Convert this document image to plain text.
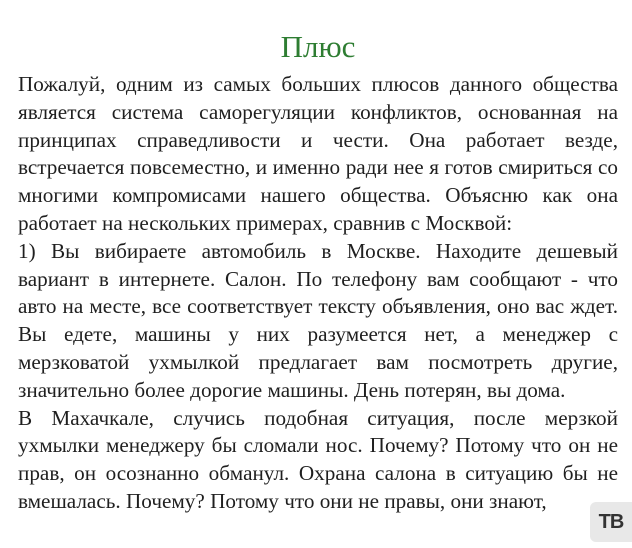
Плюс

Пожалуй, одним из самых больших плюсов данного общества является система саморегуляции конфликтов, основанная на принципах справедливости и чести. Она работает везде, встречается повсеместно, и именно ради нее я готов смириться со многими компромисами нашего общества. Объясню как она работает на нескольких примерах, сравнив с Москвой:

1) Вы вибираете автомобиль в Москве. Находите дешевый вариант в интернете. Салон. По телефону вам сообщают - что авто на месте, все соответствует тексту объявления, оно вас ждет. Вы едете, машины у них разумеется нет, а менеджер с мерзковатой ухмылкой предлагает вам посмотреть другие, значительно более дорогие машины. День потерян, вы дома.

В Махачкале, случись подобная ситуация, после мерзкой ухмылки менеджеру бы сломали нос. Почему? Потому что он не прав, он осознанно обманул. Охрана салона в ситуацию бы не вмешалась. Почему? Потому что они не правы, они знают,

ТВ
